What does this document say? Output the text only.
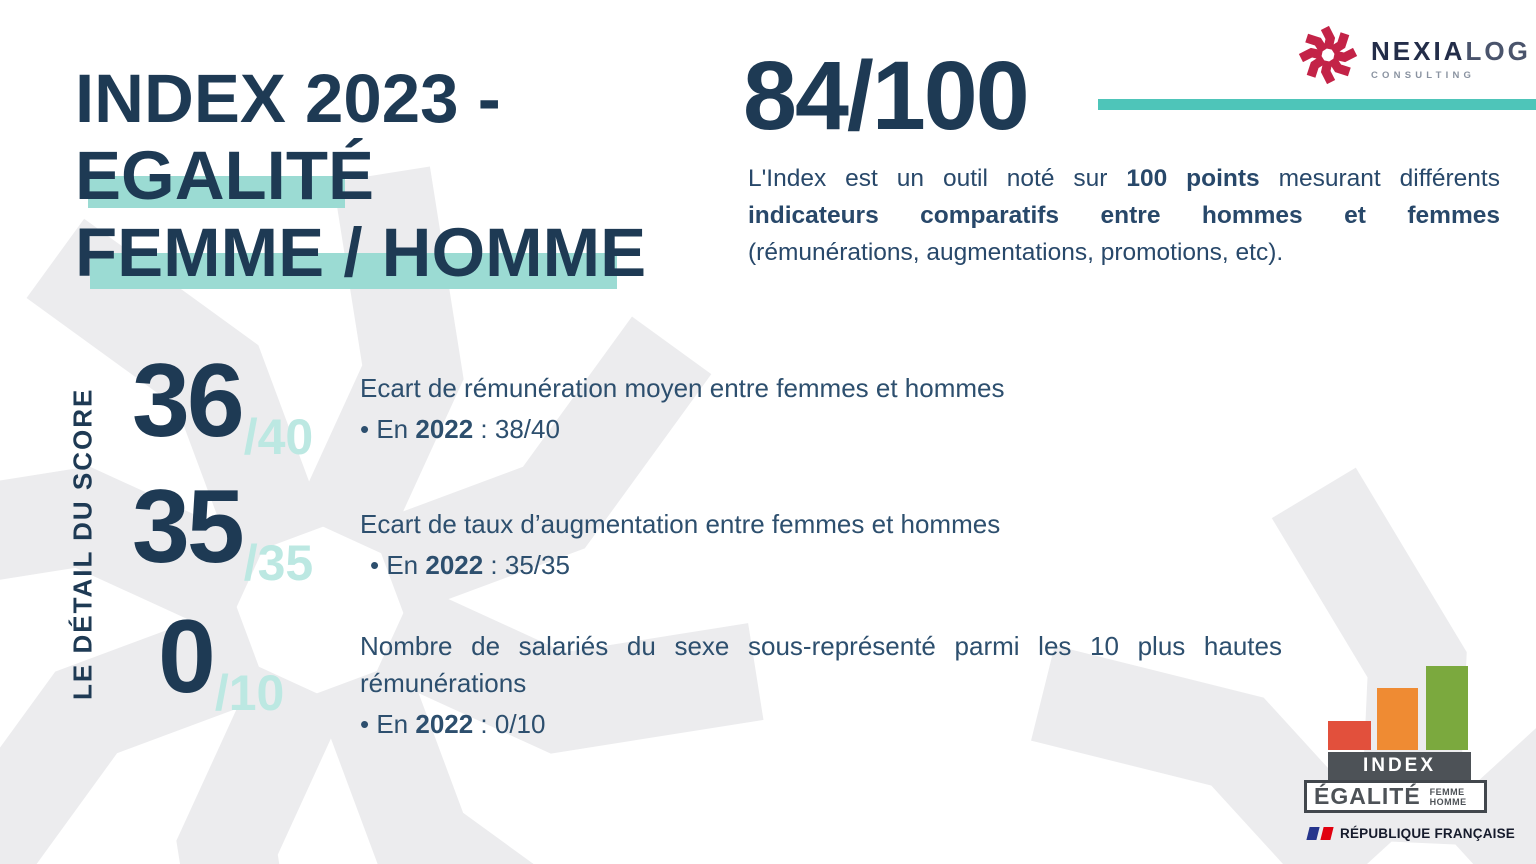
INDEX 2023 -
EGALITÉ
FEMME / HOMME
84/100
L'Index est un outil noté sur 100 points mesurant différents
indicateurs comparatifs entre hommes et femmes
(rémunérations, augmentations, promotions, etc).
LE DÉTAIL DU SCORE 36 /40
Ecart de rémunération moyen entre femmes et hommes
• En 2022 : 38/40
35 /35
Ecart de taux d’augmentation entre femmes et hommes
• En 2022 : 35/35
0 /10
Nombre de salariés du sexe sous-représenté parmi les 10 plus hautes rémunérations
• En 2022 : 0/10
NEXIALOG
CONSULTING
INDEX
ÉGALITÉ FEMME
HOMME
RÉPUBLIQUE FRANÇAISE
